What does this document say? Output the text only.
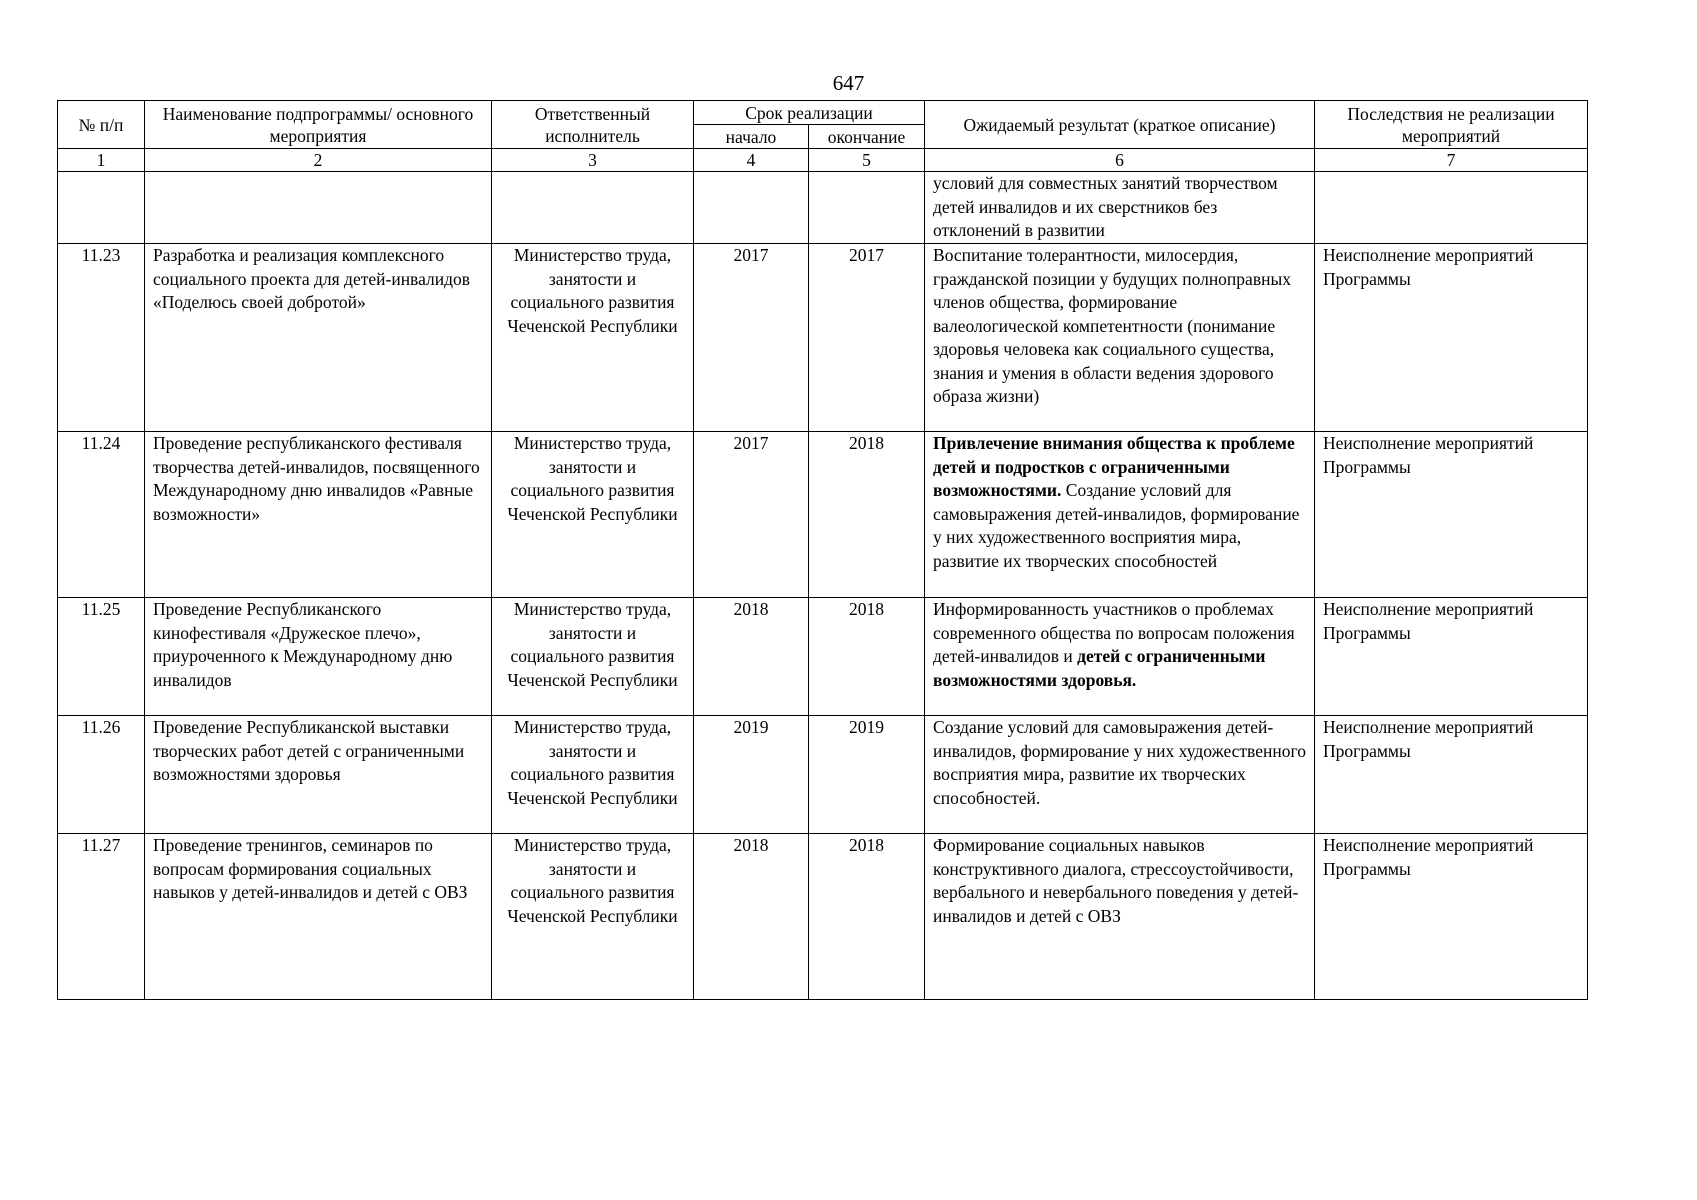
647
№ п/п	Наименование подпрограммы/ основного мероприятия	Ответственный исполнитель	Срок реализации		Ожидаемый результат (краткое описание)	Последствия не реализации мероприятий
			начало	окончание		
1	2	3	4	5	6	7
					условий для совместных занятий творчеством детей инвалидов и их сверстников без отклонений в развитии	
11.23	Разработка и реализация комплексного социального проекта для детей-инвалидов «Поделюсь своей добротой»	Министерство труда, занятости и социального развития Чеченской Республики	2017	2017	Воспитание толерантности, милосердия, гражданской позиции у будущих полноправных членов общества, формирование валеологической компетентности (понимание здоровья человека как социального существа, знания и умения в области ведения здорового образа жизни)	Неисполнение мероприятий Программы
11.24	Проведение республиканского фестиваля творчества детей-инвалидов, посвященного Международному дню инвалидов «Равные возможности»	Министерство труда, занятости и социального развития Чеченской Республики	2017	2018	Привлечение внимания общества к проблеме детей и подростков с ограниченными возможностями. Создание условий для самовыражения детей-инвалидов, формирование у них художественного восприятия мира, развитие их творческих способностей	Неисполнение мероприятий Программы
11.25	Проведение Республиканского кинофестиваля «Дружеское плечо», приуроченного к Международному дню инвалидов	Министерство труда, занятости и социального развития Чеченской Республики	2018	2018	Информированность участников о проблемах современного общества по вопросам положения детей-инвалидов и детей с ограниченными возможностями здоровья.	Неисполнение мероприятий Программы
11.26	Проведение Республиканской выставки творческих работ детей с ограниченными возможностями здоровья	Министерство труда, занятости и социального развития Чеченской Республики	2019	2019	Создание условий для самовыражения детей-инвалидов, формирование у них художественного восприятия мира, развитие их творческих способностей.	Неисполнение мероприятий Программы
11.27	Проведение тренингов, семинаров по вопросам формирования социальных навыков у детей-инвалидов и детей с ОВЗ	Министерство труда, занятости и социального развития Чеченской Республики	2018	2018	Формирование социальных навыков конструктивного диалога, стрессоустойчивости, вербального и невербального поведения у детей-инвалидов и детей с ОВЗ	Неисполнение мероприятий Программы
